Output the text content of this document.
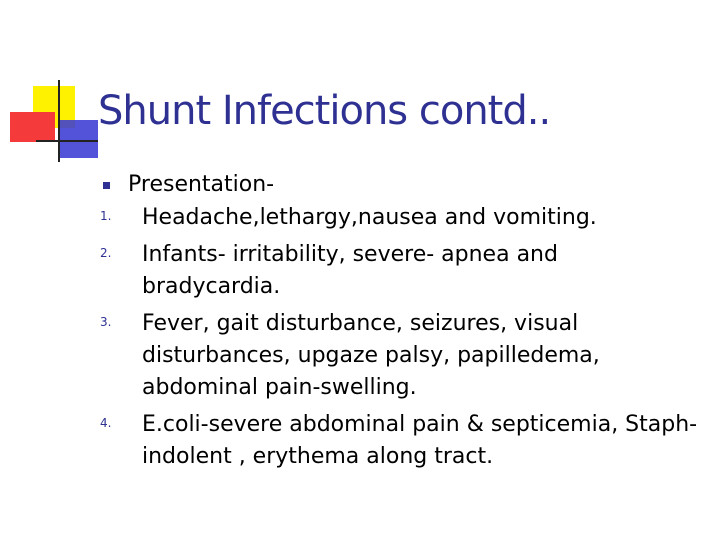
Shunt Infections contd..
Presentation-
1. Headache,lethargy,nausea and vomiting.
2. Infants- irritability, severe- apnea and bradycardia.
3. Fever, gait disturbance, seizures, visual disturbances, upgaze palsy, papilledema, abdominal pain-swelling.
4. E.coli-severe abdominal pain & septicemia, Staph- indolent , erythema along tract.
